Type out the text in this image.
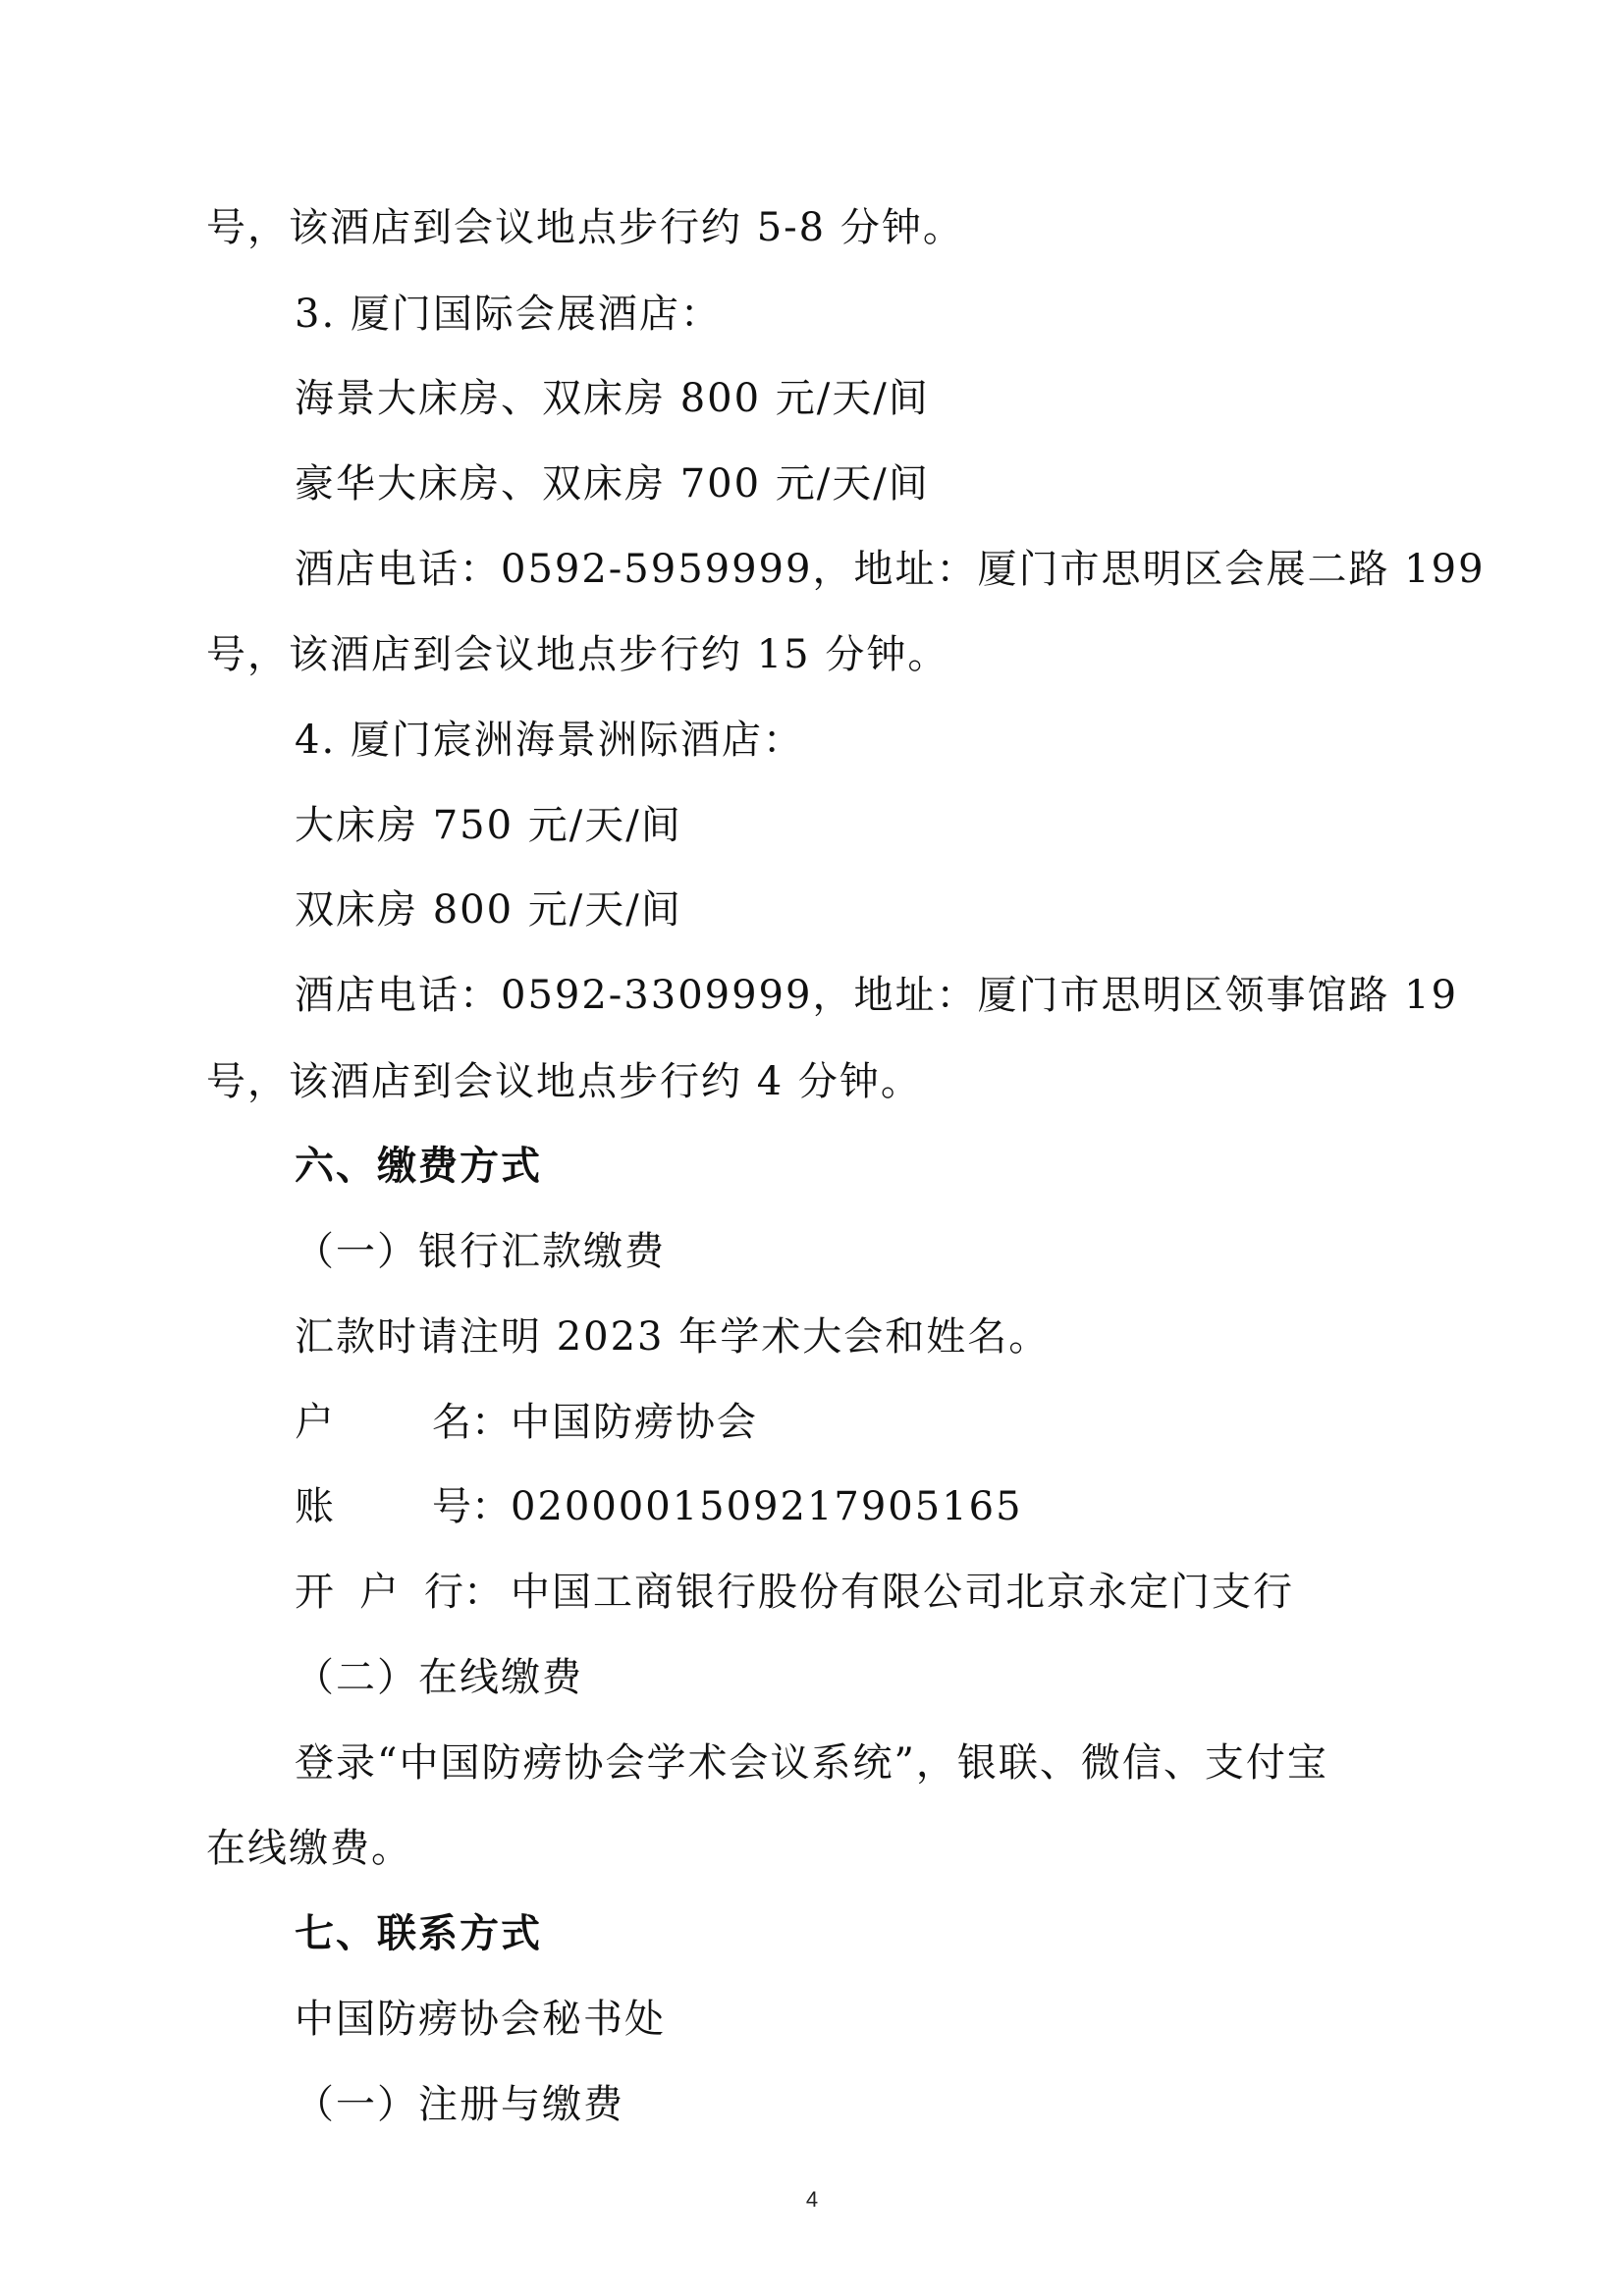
号，该酒店到会议地点步行约 5-8 分钟。
3. 厦门国际会展酒店：
海景大床房、双床房 800 元/天/间
豪华大床房、双床房 700 元/天/间
酒店电话：0592-5959999，地址：厦门市思明区会展二路 199
号，该酒店到会议地点步行约 15 分钟。
4. 厦门宸洲海景洲际酒店：
大床房 750 元/天/间
双床房 800 元/天/间
酒店电话：0592-3309999，地址：厦门市思明区领事馆路 19
号，该酒店到会议地点步行约 4 分钟。
六、缴费方式
（一）银行汇款缴费
汇款时请注明 2023 年学术大会和姓名。
户	名：中国防痨协会
账	号：0200001509217905165
开 户 行： 中国工商银行股份有限公司北京永定门支行
（二）在线缴费
登录“中国防痨协会学术会议系统”，银联、微信、支付宝
在线缴费。
七、联系方式
中国防痨协会秘书处
（一）注册与缴费
4
